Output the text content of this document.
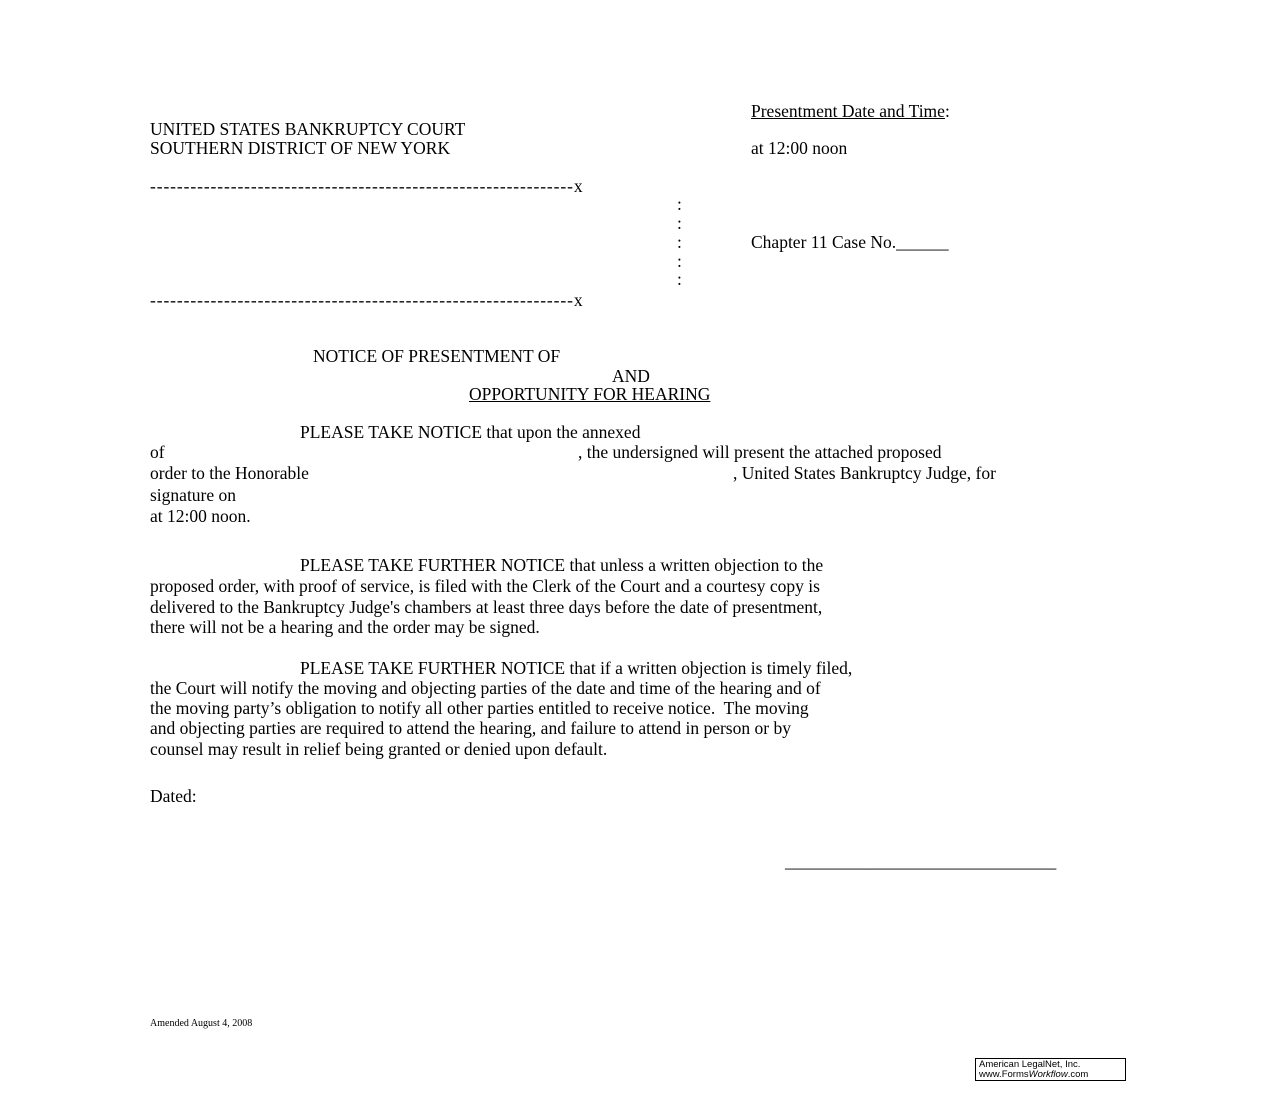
Presentment Date and Time:
UNITED STATES BANKRUPTCY COURT
SOUTHERN DISTRICT OF NEW YORK	at 12:00 noon
---------------------------------------------------------------x
:
:
:
:
:
Chapter 11 Case No.______
---------------------------------------------------------------x
NOTICE OF PRESENTMENT OF
AND
OPPORTUNITY FOR HEARING
PLEASE TAKE NOTICE that upon the annexed
of	, the undersigned will present the attached proposed
order to the Honorable	, United States Bankruptcy Judge, for
signature on
at 12:00 noon.
PLEASE TAKE FURTHER NOTICE that unless a written objection to the
proposed order, with proof of service, is filed with the Clerk of the Court and a courtesy copy is
delivered to the Bankruptcy Judge's chambers at least three days before the date of presentment,
there will not be a hearing and the order may be signed.
PLEASE TAKE FURTHER NOTICE that if a written objection is timely filed,
the Court will notify the moving and objecting parties of the date and time of the hearing and of
the moving party’s obligation to notify all other parties entitled to receive notice.  The moving
and objecting parties are required to attend the hearing, and failure to attend in person or by
counsel may result in relief being granted or denied upon default.
Dated:
_______________________________
Amended August 4, 2008
American LegalNet, Inc.
www.FormsWorkflow.com
